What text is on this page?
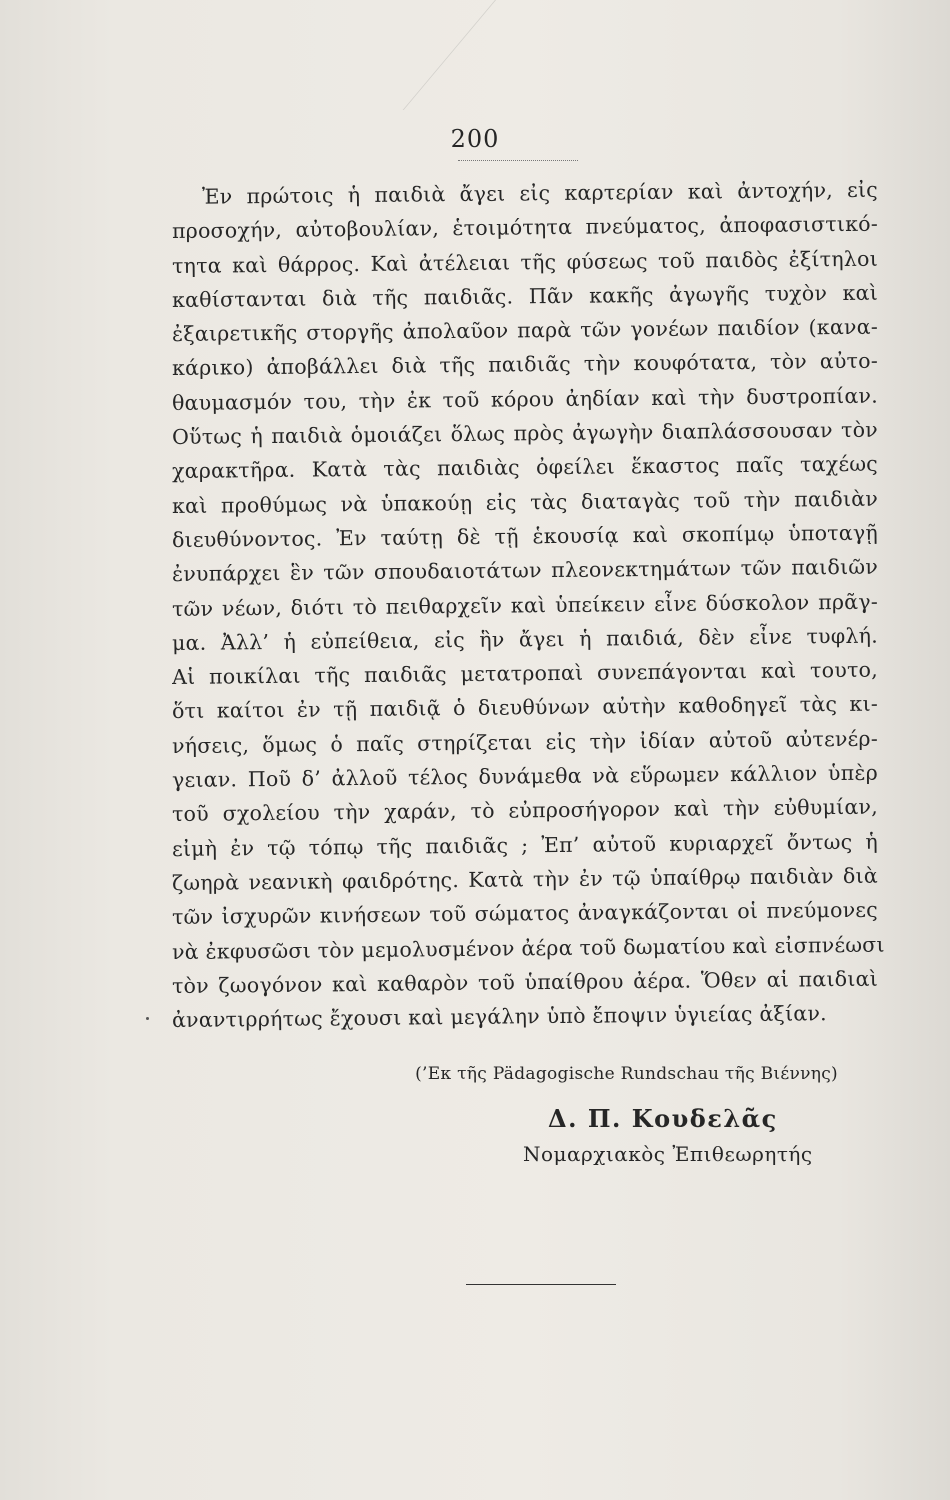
200
Ἐν πρώτοις ἡ παιδιὰ ἄγει εἰς καρτερίαν καὶ ἀντοχήν, εἰς
προσοχήν, αὐτοβουλίαν, ἑτοιμότητα πνεύματος, ἀποφασιστικό-
τητα καὶ θάρρος. Καὶ ἀτέλειαι τῆς φύσεως τοῦ παιδὸς ἐξίτηλοι
καθίστανται διὰ τῆς παιδιᾶς. Πᾶν κακῆς ἀγωγῆς τυχὸν καὶ
ἐξαιρετικῆς στοργῆς ἀπολαῦον παρὰ τῶν γονέων παιδίον (κανα-
κάρικο) ἀποβάλλει διὰ τῆς παιδιᾶς τὴν κουφότατα, τὸν αὐτο-
θαυμασμόν του, τὴν ἐκ τοῦ κόρου ἀηδίαν καὶ τὴν δυστροπίαν.
Οὕτως ἡ παιδιὰ ὁμοιάζει ὅλως πρὸς ἀγωγὴν διαπλάσσουσαν τὸν
χαρακτῆρα. Κατὰ τὰς παιδιὰς ὀφείλει ἕκαστος παῖς ταχέως
καὶ προθύμως νὰ ὑπακούῃ εἰς τὰς διαταγὰς τοῦ τὴν παιδιὰν
διευθύνοντος. Ἐν ταύτῃ δὲ τῇ ἑκουσίᾳ καὶ σκοπίμῳ ὑποταγῇ
ἐνυπάρχει ἓν τῶν σπουδαιοτάτων πλεονεκτημάτων τῶν παιδιῶν
τῶν νέων, διότι τὸ πειθαρχεῖν καὶ ὑπείκειν εἶνε δύσκολον πρᾶγ-
μα. Ἀλλ’ ἡ εὐπείθεια, εἰς ἣν ἄγει ἡ παιδιά, δὲν εἶνε τυφλή.
Αἱ ποικίλαι τῆς παιδιᾶς μετατροπαὶ συνεπάγονται καὶ τουτο,
ὅτι καίτοι ἐν τῇ παιδιᾷ ὁ διευθύνων αὐτὴν καθοδηγεῖ τὰς κι-
νήσεις, ὅμως ὁ παῖς στηρίζεται εἰς τὴν ἰδίαν αὐτοῦ αὐτενέρ-
γειαν. Ποῦ δ’ ἀλλοῦ τέλος δυνάμεθα νὰ εὕρωμεν κάλλιον ὑπὲρ
τοῦ σχολείου τὴν χαράν, τὸ εὐπροσήγορον καὶ τὴν εὐθυμίαν,
εἰμὴ ἐν τῷ τόπῳ τῆς παιδιᾶς ; Ἐπ’ αὐτοῦ κυριαρχεῖ ὄντως ἡ
ζωηρὰ νεανικὴ φαιδρότης. Κατὰ τὴν ἐν τῷ ὑπαίθρῳ παιδιὰν διὰ
τῶν ἰσχυρῶν κινήσεων τοῦ σώματος ἀναγκάζονται οἱ πνεύμονες
νὰ ἐκφυσῶσι τὸν μεμολυσμένον ἀέρα τοῦ δωματίου καὶ εἰσπνέωσι
τὸν ζωογόνον καὶ καθαρὸν τοῦ ὑπαίθρου ἀέρα. Ὅθεν αἱ παιδιαὶ
ἀναντιρρήτως ἔχουσι καὶ μεγάλην ὑπὸ ἔποψιν ὑγιείας ἀξίαν.
(’Εκ τῆς Pädagogische Rundschau τῆς Βιέννης)
Δ. Π. Κουδελᾶς
Νομαρχιακὸς Ἐπιθεωρητής
